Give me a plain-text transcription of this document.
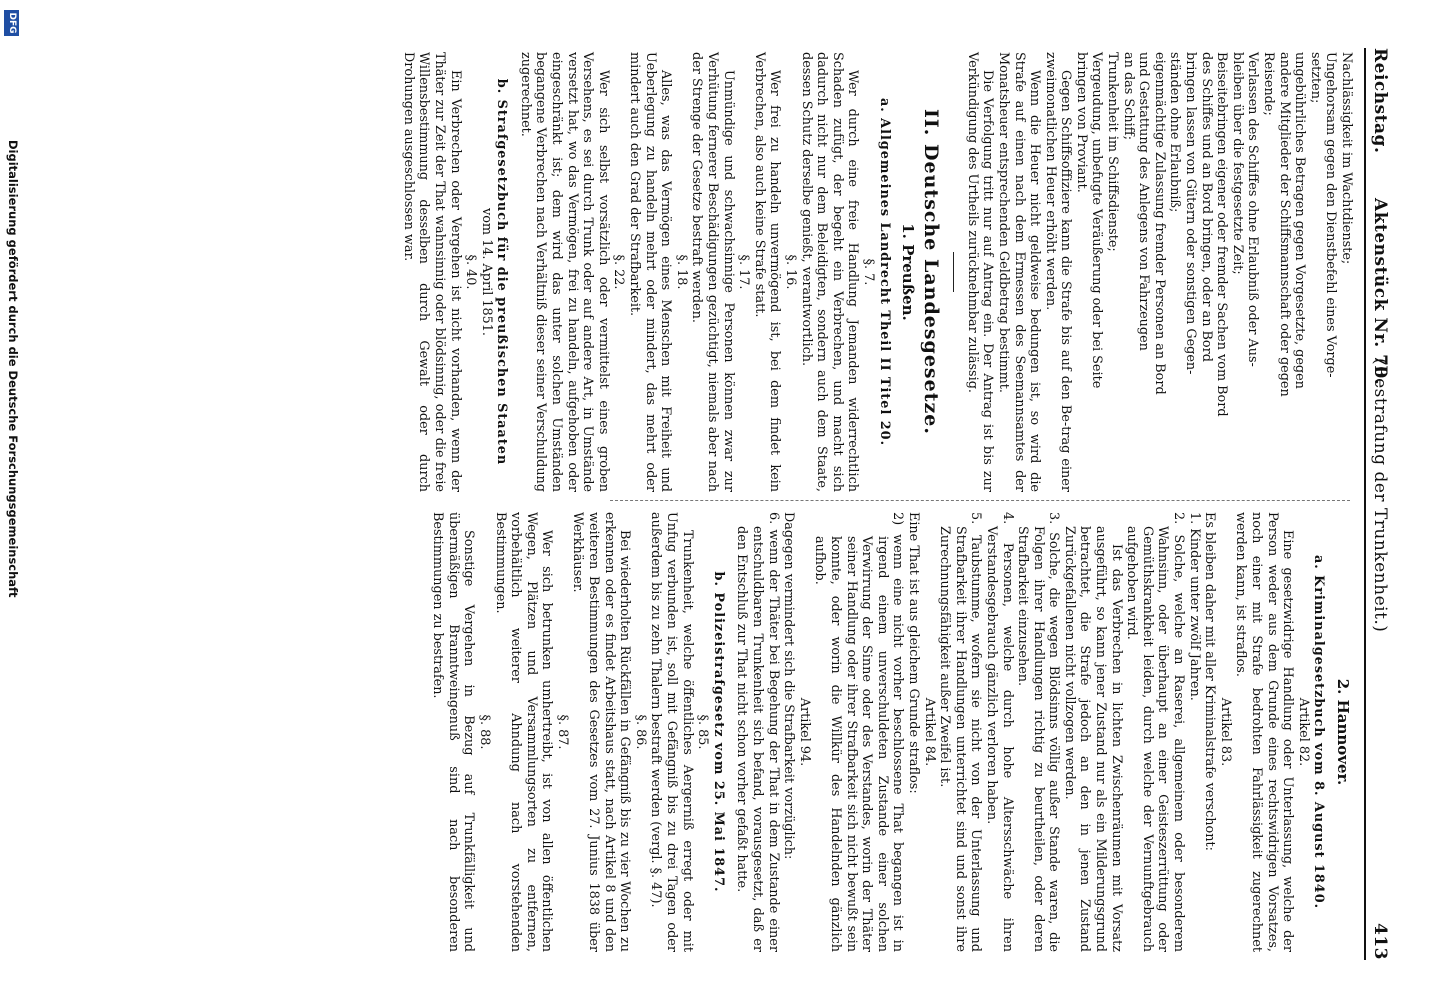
Reichstag.
Aktenstück Nr. 70.
(Bestrafung der Trunkenheit.)
413

Nachlässigkeit im Wachtdienste;

Ungehorsam gegen den Dienstbefehl eines Vorge-

setzten;

ungebührliches Betragen gegen Vorgesetzte, gegen

andere Mitglieder der Schiffsmannschaft oder gegen

Reisende;

Verlassen des Schiffes ohne Erlaubniß oder Aus-

bleiben über die festgesetzte Zeit;

Beiseitebringen eigener oder fremder Sachen vom Bord

des Schiffes und an Bord bringen, oder an Bord

bringen lassen von Gütern oder sonstigen Gegen-

ständen ohne Erlaubniß;

eigenmächtige Zulassung fremder Personen an Bord

und Gestattung des Anlegens von Fahrzeugen

an das Schiff;

Trunkenheit im Schiffsdienste;

Vergeudung, unbefugte Veräußerung oder bei Seite

bringen von Proviant.

Gegen Schiffsoffiziere kann die Strafe bis auf den Be-trag einer zweimonatlichen Heuer erhöht werden.

Wenn die Heuer nicht geldweise bedungen ist, so wird die Strafe auf einen nach dem Ermessen des Seemannsamtes der Monatsheuer entsprechenden Geldbetrag bestimmt.

Die Verfolgung tritt nur auf Antrag ein. Der Antrag ist bis zur Verkündigung des Urtheils zurücknehmbar zulässig.

II. Deutsche Landesgesetze.
1. Preußen.

a. Allgemeines Landrecht Theil II Titel 20.

§. 7.

Wer durch eine freie Handlung Jemanden widerrechtlich Schaden zufügt, der begeht ein Verbrechen, und macht sich dadurch nicht nur dem Beleidigten, sondern auch dem Staate, dessen Schutz derselbe genießt, verantwortlich.

§. 16.

Wer frei zu handeln unvermögend ist, bei dem findet kein Verbrechen, also auch keine Strafe statt.

§. 17.

Unmündige und schwachsinnige Personen können zwar zur Verhütung fernerer Beschädigungen gezüchtigt, niemals aber nach der Strenge der Gesetze bestraft werden.

§. 18.

Alles, was das Vermögen eines Menschen mit Freiheit und Ueberlegung zu handeln mehrt oder mindert, das mehrt oder mindert auch den Grad der Strafbarkeit.

§. 22.

Wer sich selbst vorsätzlich oder vermittelst eines groben Versehens, es sei durch Trunk oder auf andere Art, in Umstände versetzt hat, wo das Vermögen, frei zu handeln, aufgehoben oder eingeschränkt ist; dem wird das unter solchen Umständen begangene Verbrechen nach Verhältniß dieser seiner Verschuldung zugerechnet.

b. Strafgesetzbuch für die preußischen Staaten

vom 14. April 1851.

§. 40.

Ein Verbrechen oder Vergehen ist nicht vorhanden, wenn der Thäter zur Zeit der That wahnsinnig oder blödsinnig, oder die freie Willensbestimmung desselben durch Gewalt oder durch Drohungen ausgeschlossen war.

2. Hannover.

a. Kriminalgesetzbuch vom 8. August 1840.

Artikel 82.

Eine gesetzwidrige Handlung oder Unterlassung, welche der Person weder aus dem Grunde eines rechtswidrigen Vorsatzes, noch einer mit Strafe bedrohten Fahrlässigkeit zugerechnet werden kann, ist straflos.

Artikel 83.

Es bleiben daher mit aller Kriminalstrafe verschont:

1. Kinder unter zwölf Jahren.

2. Solche, welche an Raserei, allgemeinem oder besonderem Wahnsinn, oder überhaupt an einer Geisteszerrüttung oder Gemüthskrankheit leiden, durch welche der Vernunftgebrauch aufgehoben wird.

Ist das Verbrechen in lichten Zwischenräumen mit Vorsatz ausgeführt, so kann jener Zustand nur als ein Milderungsgrund betrachtet, die Strafe jedoch an den in jenen Zustand Zurückgefallenen nicht vollzogen werden.

3. Solche, die wegen Blödsinns völlig außer Stande waren, die Folgen ihrer Handlungen richtig zu beurtheilen, oder deren Strafbarkeit einzusehen.

4. Personen, welche durch hohe Altersschwäche ihren Verstandesgebrauch gänzlich verloren haben.

5. Taubstumme, wofern sie nicht von der Unterlassung und Strafbarkeit ihrer Handlungen unterrichtet sind und sonst ihre Zurechnungsfähigkeit außer Zweifel ist.

Artikel 84.

Eine That ist aus gleichem Grunde straflos:

2) wenn eine nicht vorher beschlossene That begangen ist in irgend einem unverschuldeten Zustande einer solchen Verwirrung der Sinne oder des Verstandes, worin der Thäter seiner Handlung oder ihrer Strafbarkeit sich nicht bewußt sein konnte, oder worin die Willkür des Handelnden gänzlich aufhob.

Artikel 94.

Dagegen vermindert sich die Strafbarkeit vorzüglich:

6. wenn der Thäter bei Begehung der That in dem Zustande einer entschuldbaren Trunkenheit sich befand, vorausgesetzt, daß er den Entschluß zur That nicht schon vorher gefaßt hatte.

b. Polizeistrafgesetz vom 25. Mai 1847.

§. 85.

Trunkenheit, welche öffentliches Aergerniß erregt oder mit Unfug verbunden ist, soll mit Gefängniß bis zu drei Tagen oder außerdem bis zu zehn Thalern bestraft werden (vergl. §. 47).

§. 86.

Bei wiederholten Rückfällen in Gefängniß bis zu vier Wochen zu erkennen oder es findet Arbeitshaus statt, nach Artikel 8 und den weiteren Bestimmungen des Gesetzes vom 27. Junius 1838 über Werkhäuser.

§. 87.

Wer sich betrunken umhertreibt, ist von allen öffentlichen Wegen, Plätzen und Versammlungsorten zu entfernen, vorbehältlich weiterer Ahndung nach vorstehenden Bestimmungen.

§. 88.

Sonstige Vergehen in Bezug auf Trunkfälligkeit und übermäßigen Branntweingenuß sind nach besonderen Bestimmungen zu bestrafen.

DFG
Digitalisierung gefördert durch die Deutsche Forschungsgemeinschaft
